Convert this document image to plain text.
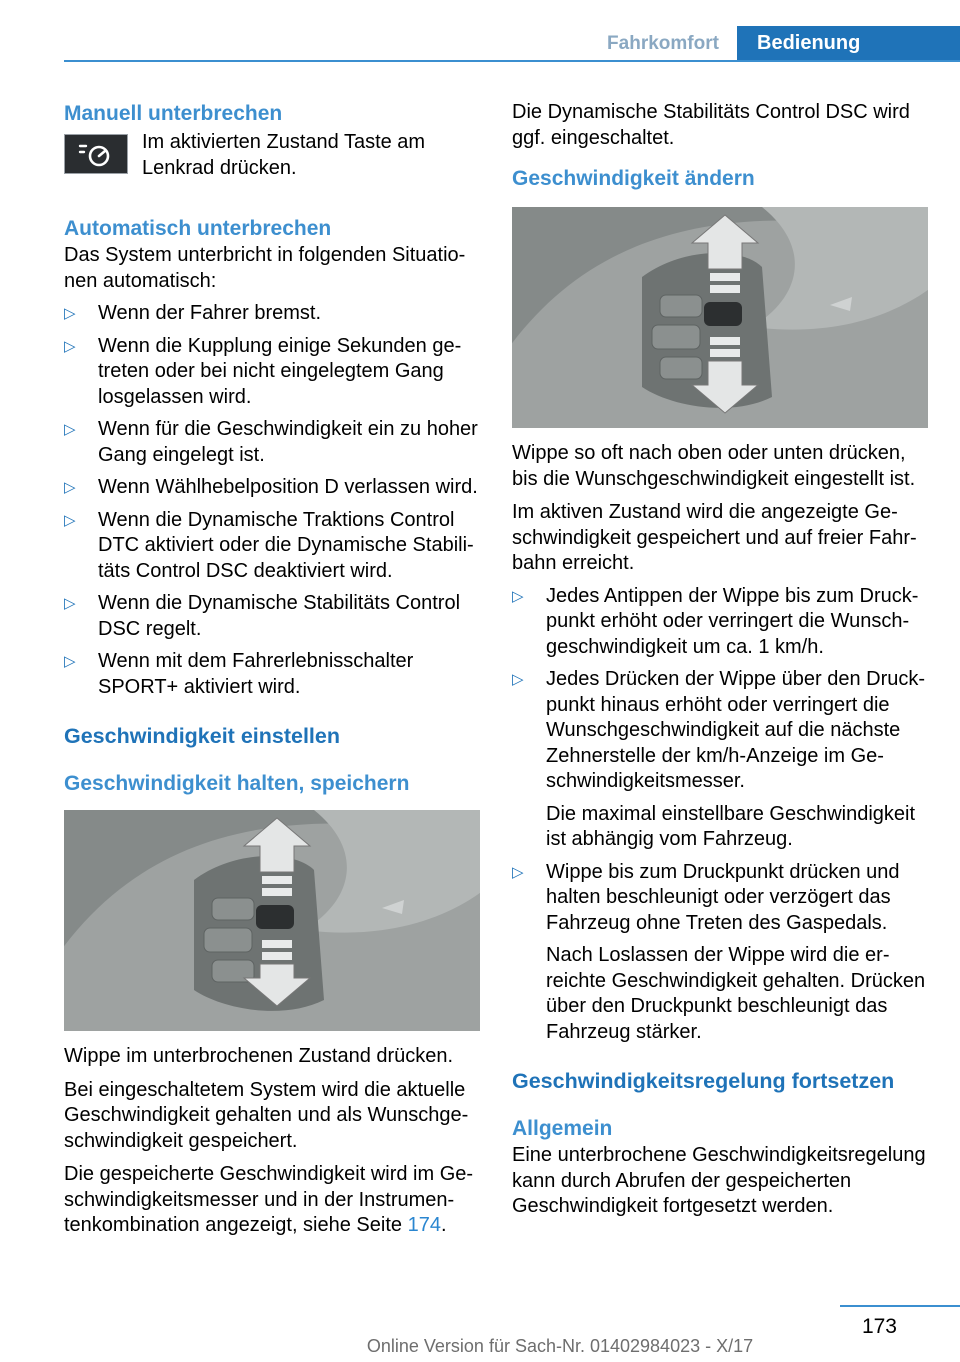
Fahrkomfort	Bedienung
Manuell unterbrechen

Im aktivierten Zustand Taste am Lenkrad drücken.

Automatisch unterbrechen

Das System unterbricht in folgenden Situationen automatisch:

▷ Wenn der Fahrer bremst.
▷ Wenn die Kupplung einige Sekunden getreten oder bei nicht eingelegtem Gang losgelassen wird.
▷ Wenn für die Geschwindigkeit ein zu hoher Gang eingelegt ist.
▷ Wenn Wählhebelposition D verlassen wird.
▷ Wenn die Dynamische Traktions Control DTC aktiviert oder die Dynamische Stabilitäts Control DSC deaktiviert wird.
▷ Wenn die Dynamische Stabilitäts Control DSC regelt.
▷ Wenn mit dem Fahrerlebnisschalter SPORT+ aktiviert wird.
Geschwindigkeit einstellen
Geschwindigkeit halten, speichern

Wippe im unterbrochenen Zustand drücken.

Bei eingeschaltetem System wird die aktuelle Geschwindigkeit gehalten und als Wunschgeschwindigkeit gespeichert.

Die gespeicherte Geschwindigkeit wird im Geschwindigkeitsmesser und in der Instrumentenkombination angezeigt, siehe Seite 174.

Die Dynamische Stabilitäts Control DSC wird ggf. eingeschaltet.

Geschwindigkeit ändern

Wippe so oft nach oben oder unten drücken, bis die Wunschgeschwindigkeit eingestellt ist.

Im aktiven Zustand wird die angezeigte Geschwindigkeit gespeichert und auf freier Fahrbahn erreicht.

▷ Jedes Antippen der Wippe bis zum Druckpunkt erhöht oder verringert die Wunschgeschwindigkeit um ca. 1 km/h.
▷ Jedes Drücken der Wippe über den Druckpunkt hinaus erhöht oder verringert die Wunschgeschwindigkeit auf die nächste Zehnerstelle der km/h-Anzeige im Geschwindigkeitsmesser.

Die maximal einstellbare Geschwindigkeit ist abhängig vom Fahrzeug.

▷ Wippe bis zum Druckpunkt drücken und halten beschleunigt oder verzögert das Fahrzeug ohne Treten des Gaspedals.

Nach Loslassen der Wippe wird die erreichte Geschwindigkeit gehalten. Drücken über den Druckpunkt beschleunigt das Fahrzeug stärker.

Geschwindigkeitsregelung fortsetzen
Allgemein

Eine unterbrochene Geschwindigkeitsregelung kann durch Abrufen der gespeicherten Geschwindigkeit fortgesetzt werden.

173
Online Version für Sach-Nr. 01402984023 - X/17
